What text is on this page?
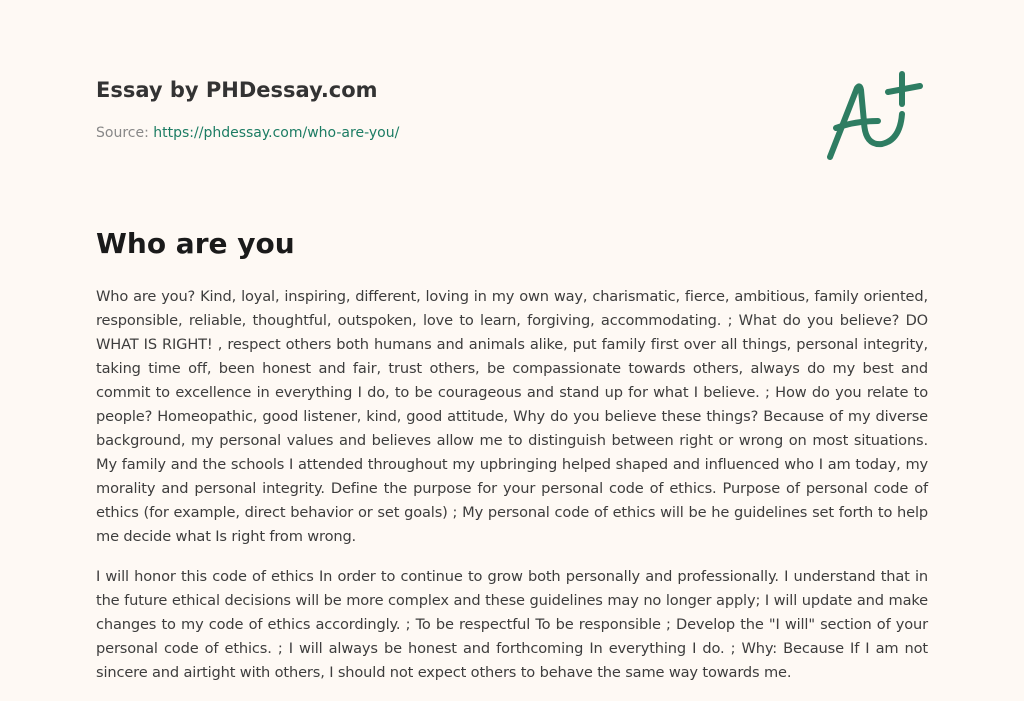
Essay by PHDessay.com
Source: https://phdessay.com/who-are-you/
Who are you

Who are you? Kind, loyal, inspiring, different, loving in my own way, charismatic, fierce, ambitious, family oriented, responsible, reliable, thoughtful, outspoken, love to learn, forgiving, accommodating. ; What do you believe? DO WHAT IS RIGHT! , respect others both humans and animals alike, put family first over all things, personal integrity, taking time off, been honest and fair, trust others, be compassionate towards others, always do my best and commit to excellence in everything I do, to be courageous and stand up for what I believe. ; How do you relate to people? Homeopathic, good listener, kind, good attitude, Why do you believe these things? Because of my diverse background, my personal values and believes allow me to distinguish between right or wrong on most situations. My family and the schools I attended throughout my upbringing helped shaped and influenced who I am today, my morality and personal integrity. Define the purpose for your personal code of ethics. Purpose of personal code of ethics (for example, direct behavior or set goals) ; My personal code of ethics will be he guidelines set forth to help me decide what Is right from wrong.

I will honor this code of ethics In order to continue to grow both personally and professionally. I understand that in the future ethical decisions will be more complex and these guidelines may no longer apply; I will update and make changes to my code of ethics accordingly. ; To be respectful To be responsible ; Develop the "I will" section of your personal code of ethics. ; I will always be honest and forthcoming In everything I do. ; Why: Because If I am not sincere and airtight with others, I should not expect others to behave the same way towards me.
